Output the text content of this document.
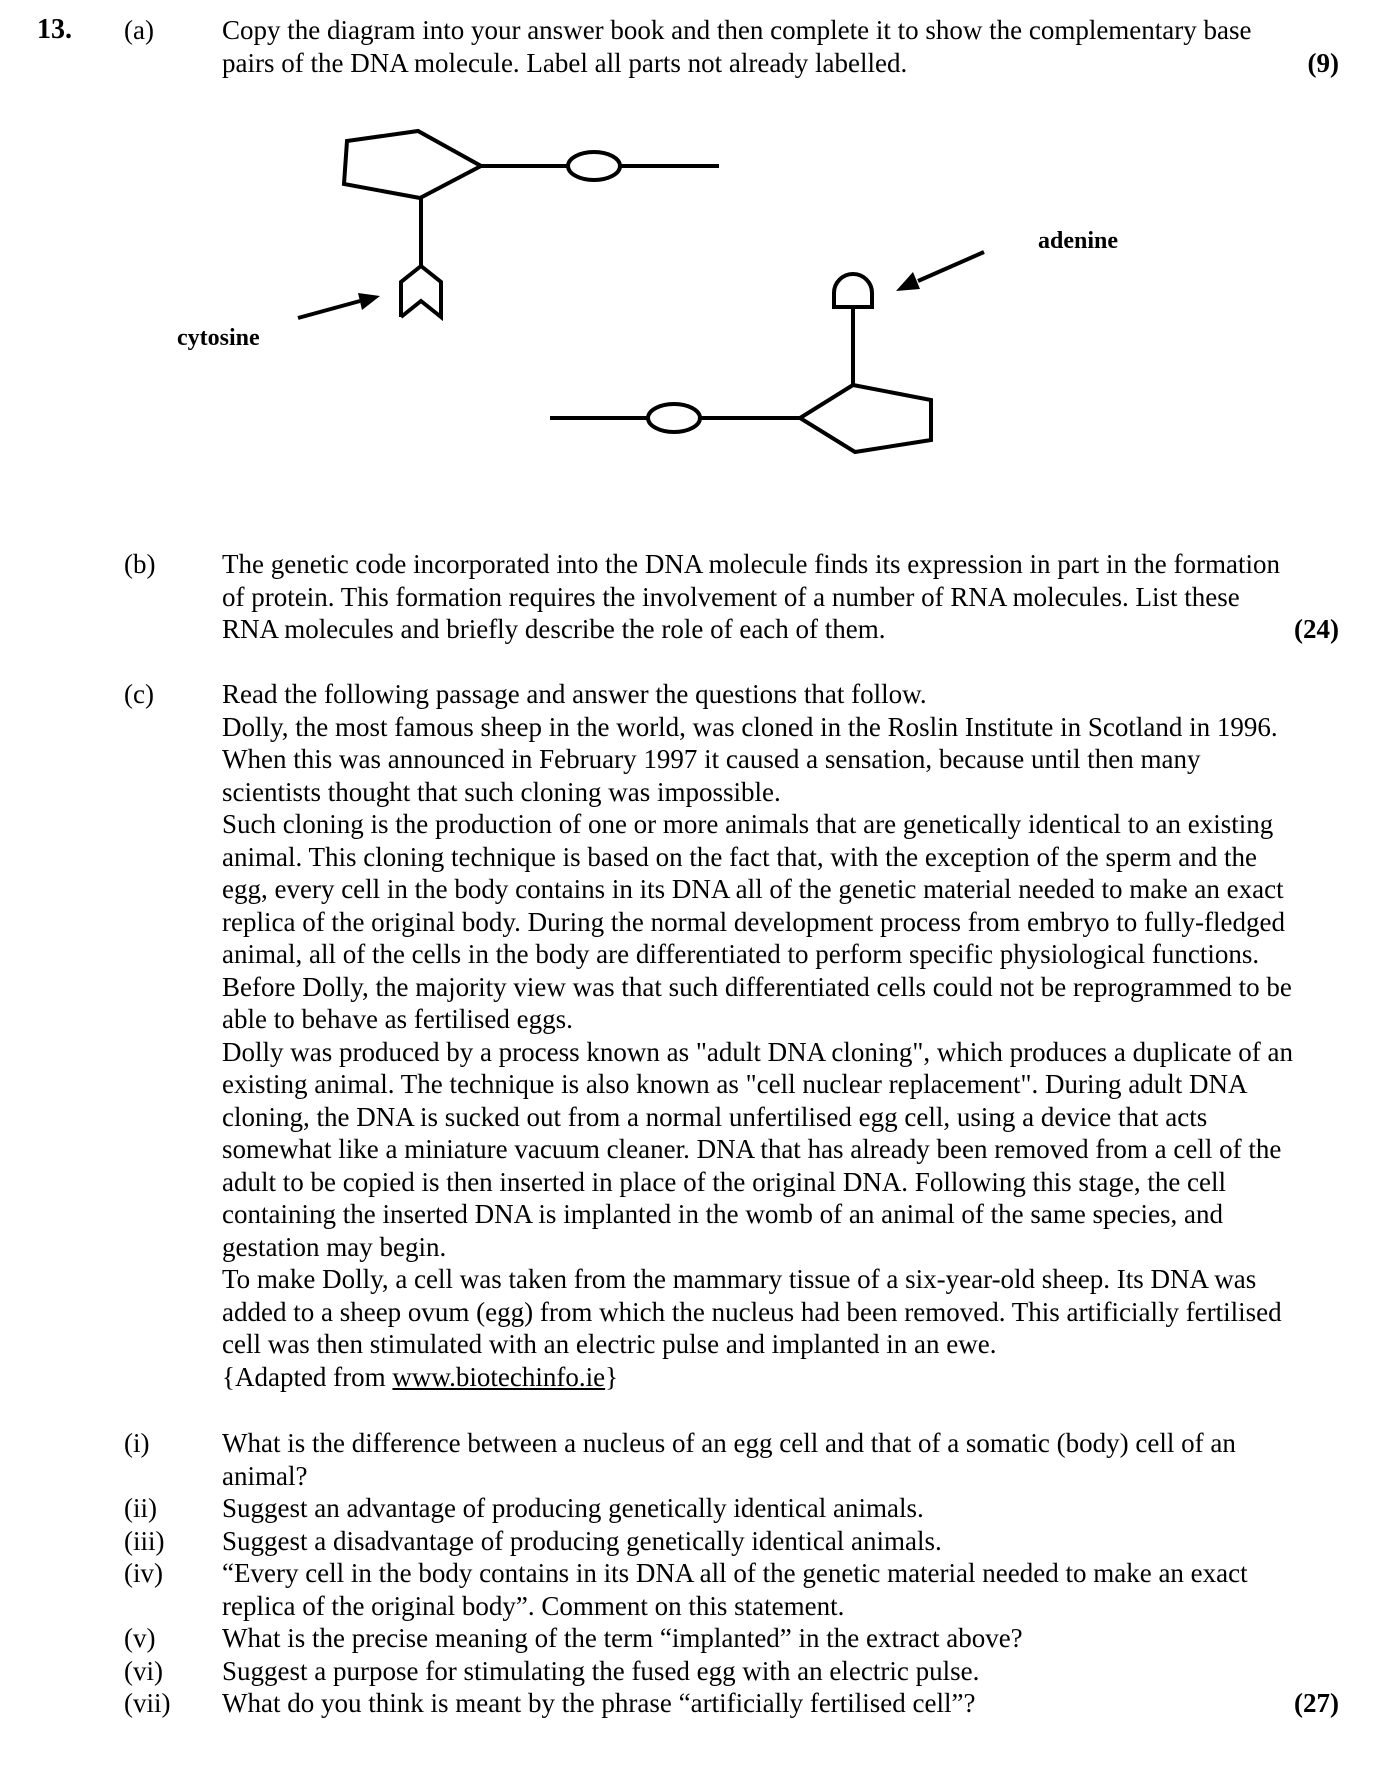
13. (a)	Copy the diagram into your answer book and then complete it to show the complementary base
pairs of the DNA molecule. Label all parts not already labelled.	(9)
adenine
cytosine
(b) The genetic code incorporated into the DNA molecule finds its expression in part in the formation
of protein. This formation requires the involvement of a number of RNA molecules. List these
RNA molecules and briefly describe the role of each of them.	(24)
(c)	Read the following passage and answer the questions that follow.
Dolly, the most famous sheep in the world, was cloned in the Roslin Institute in Scotland in 1996.
When this was announced in February 1997 it caused a sensation, because until then many
scientists thought that such cloning was impossible.
Such cloning is the production of one or more animals that are genetically identical to an existing
animal. This cloning technique is based on the fact that, with the exception of the sperm and the
egg, every cell in the body contains in its DNA all of the genetic material needed to make an exact
replica of the original body. During the normal development process from embryo to fully-fledged
animal, all of the cells in the body are differentiated to perform specific physiological functions.
Before Dolly, the majority view was that such differentiated cells could not be reprogrammed to be
able to behave as fertilised eggs.
Dolly was produced by a process known as "adult DNA cloning", which produces a duplicate of an
existing animal. The technique is also known as "cell nuclear replacement". During adult DNA
cloning, the DNA is sucked out from a normal unfertilised egg cell, using a device that acts
somewhat like a miniature vacuum cleaner. DNA that has already been removed from a cell of the
adult to be copied is then inserted in place of the original DNA. Following this stage, the cell
containing the inserted DNA is implanted in the womb of an animal of the same species, and
gestation may begin.
To make Dolly, a cell was taken from the mammary tissue of a six-year-old sheep. Its DNA was
added to a sheep ovum (egg) from which the nucleus had been removed. This artificially fertilised
cell was then stimulated with an electric pulse and implanted in an ewe.
{Adapted from www.biotechinfo.ie}
(i)	What is the difference between a nucleus of an egg cell and that of a somatic (body) cell of an
animal?
(ii) Suggest an advantage of producing genetically identical animals.
(iii) Suggest a disadvantage of producing genetically identical animals.
(iv) “Every cell in the body contains in its DNA all of the genetic material needed to make an exact
replica of the original body”. Comment on this statement.
(v) What is the precise meaning of the term “implanted” in the extract above?
(vi) Suggest a purpose for stimulating the fused egg with an electric pulse.
(vii) What do you think is meant by the phrase “artificially fertilised cell”?	(27)
